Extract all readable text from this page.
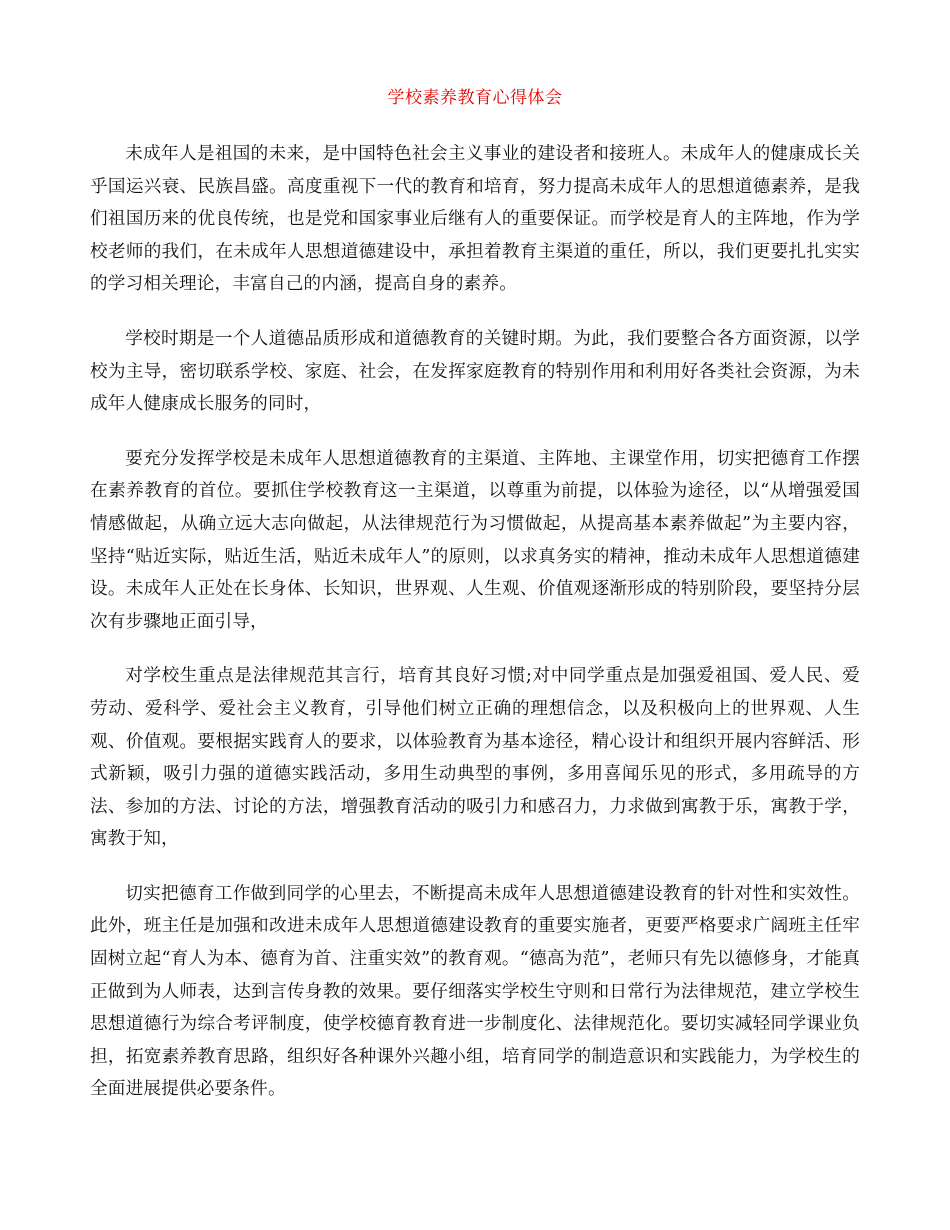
学校素养教育心得体会

未成年人是祖国的未来，是中国特色社会主义事业的建设者和接班人。未成年人的健康成长关乎国运兴衰、民族昌盛。高度重视下一代的教育和培育，努力提高未成年人的思想道德素养，是我们祖国历来的优良传统，也是党和国家事业后继有人的重要保证。而学校是育人的主阵地，作为学校老师的我们，在未成年人思想道德建设中，承担着教育主渠道的重任，所以，我们更要扎扎实实的学习相关理论，丰富自己的内涵，提高自身的素养。

学校时期是一个人道德品质形成和道德教育的关键时期。为此，我们要整合各方面资源，以学校为主导，密切联系学校、家庭、社会，在发挥家庭教育的特别作用和利用好各类社会资源，为未成年人健康成长服务的同时，

要充分发挥学校是未成年人思想道德教育的主渠道、主阵地、主课堂作用，切实把德育工作摆在素养教育的首位。要抓住学校教育这一主渠道，以尊重为前提，以体验为途径，以“从增强爱国情感做起，从确立远大志向做起，从法律规范行为习惯做起，从提高基本素养做起”为主要内容，坚持“贴近实际，贴近生活，贴近未成年人”的原则，以求真务实的精神，推动未成年人思想道德建设。未成年人正处在长身体、长知识，世界观、人生观、价值观逐渐形成的特别阶段，要坚持分层次有步骤地正面引导，

对学校生重点是法律规范其言行，培育其良好习惯;对中同学重点是加强爱祖国、爱人民、爱劳动、爱科学、爱社会主义教育，引导他们树立正确的理想信念，以及积极向上的世界观、人生观、价值观。要根据实践育人的要求，以体验教育为基本途径，精心设计和组织开展内容鲜活、形式新颖，吸引力强的道德实践活动，多用生动典型的事例，多用喜闻乐见的形式，多用疏导的方法、参加的方法、讨论的方法，增强教育活动的吸引力和感召力，力求做到寓教于乐，寓教于学，寓教于知，

切实把德育工作做到同学的心里去，不断提高未成年人思想道德建设教育的针对性和实效性。此外，班主任是加强和改进未成年人思想道德建设教育的重要实施者，更要严格要求广阔班主任牢固树立起“育人为本、德育为首、注重实效”的教育观。“德高为范”，老师只有先以德修身，才能真正做到为人师表，达到言传身教的效果。要仔细落实学校生守则和日常行为法律规范，建立学校生思想道德行为综合考评制度，使学校德育教育进一步制度化、法律规范化。要切实减轻同学课业负担，拓宽素养教育思路，组织好各种课外兴趣小组，培育同学的制造意识和实践能力，为学校生的全面进展提供必要条件。
